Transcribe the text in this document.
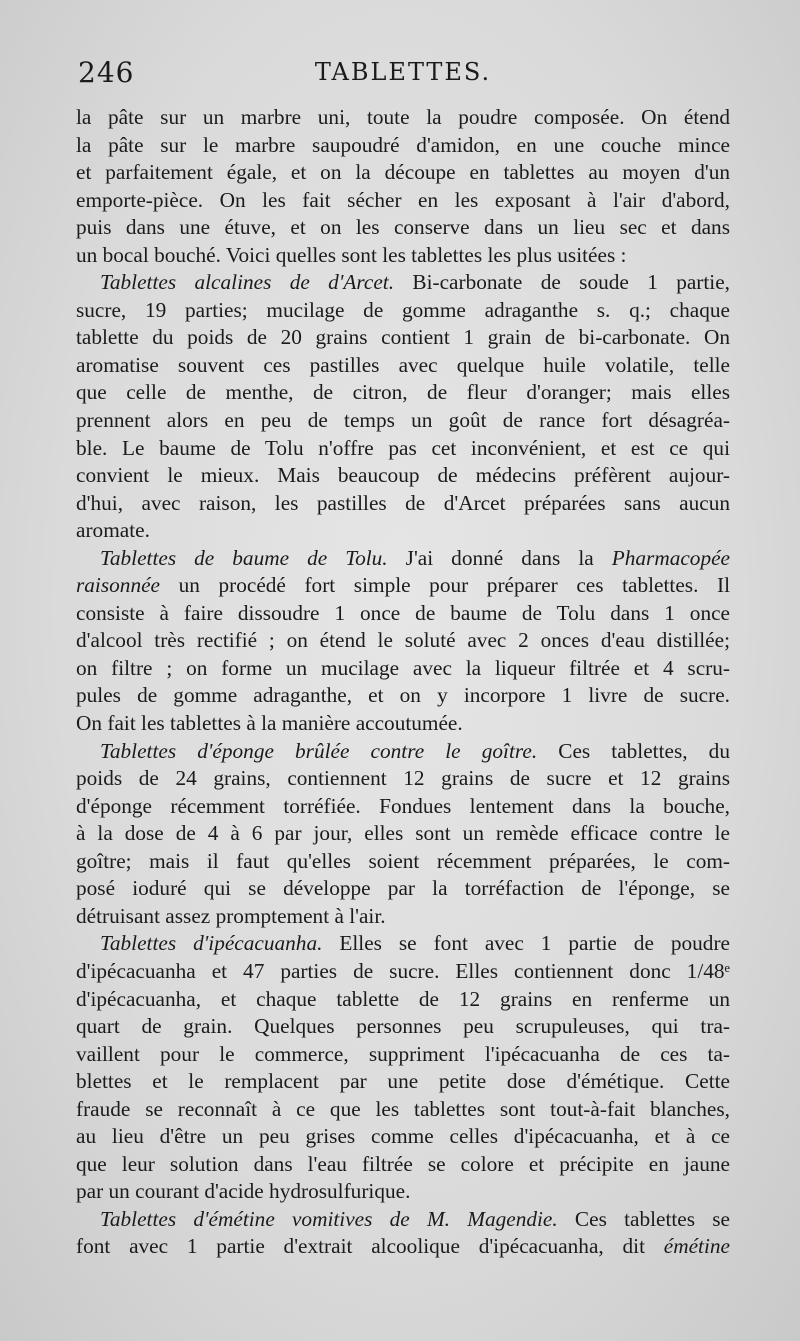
246	TABLETTES.

la pâte sur un marbre uni, toute la poudre composée. On étend

la pâte sur le marbre saupoudré d'amidon, en une couche mince

et parfaitement égale, et on la découpe en tablettes au moyen d'un

emporte-pièce. On les fait sécher en les exposant à l'air d'abord,

puis dans une étuve, et on les conserve dans un lieu sec et dans

un bocal bouché. Voici quelles sont les tablettes les plus usitées :

Tablettes alcalines de d'Arcet. Bi-carbonate de soude 1 partie,

sucre, 19 parties; mucilage de gomme adraganthe s. q.; chaque

tablette du poids de 20 grains contient 1 grain de bi-carbonate. On

aromatise souvent ces pastilles avec quelque huile volatile, telle

que celle de menthe, de citron, de fleur d'oranger; mais elles

prennent alors en peu de temps un goût de rance fort désagréa-

ble. Le baume de Tolu n'offre pas cet inconvénient, et est ce qui

convient le mieux. Mais beaucoup de médecins préfèrent aujour-

d'hui, avec raison, les pastilles de d'Arcet préparées sans aucun

aromate.

Tablettes de baume de Tolu. J'ai donné dans la Pharmacopée

raisonnée un procédé fort simple pour préparer ces tablettes. Il

consiste à faire dissoudre 1 once de baume de Tolu dans 1 once

d'alcool très rectifié ; on étend le soluté avec 2 onces d'eau distillée;

on filtre ; on forme un mucilage avec la liqueur filtrée et 4 scru-

pules de gomme adraganthe, et on y incorpore 1 livre de sucre.

On fait les tablettes à la manière accoutumée.

Tablettes d'éponge brûlée contre le goître. Ces tablettes, du

poids de 24 grains, contiennent 12 grains de sucre et 12 grains

d'éponge récemment torréfiée. Fondues lentement dans la bouche,

à la dose de 4 à 6 par jour, elles sont un remède efficace contre le

goître; mais il faut qu'elles soient récemment préparées, le com-

posé ioduré qui se développe par la torréfaction de l'éponge, se

détruisant assez promptement à l'air.

Tablettes d'ipécacuanha. Elles se font avec 1 partie de poudre

d'ipécacuanha et 47 parties de sucre. Elles contiennent donc 1/48ᵉ

d'ipécacuanha, et chaque tablette de 12 grains en renferme un

quart de grain. Quelques personnes peu scrupuleuses, qui tra-

vaillent pour le commerce, suppriment l'ipécacuanha de ces ta-

blettes et le remplacent par une petite dose d'émétique. Cette

fraude se reconnaît à ce que les tablettes sont tout-à-fait blanches,

au lieu d'être un peu grises comme celles d'ipécacuanha, et à ce

que leur solution dans l'eau filtrée se colore et précipite en jaune

par un courant d'acide hydrosulfurique.

Tablettes d'émétine vomitives de M. Magendie. Ces tablettes se

font avec 1 partie d'extrait alcoolique d'ipécacuanha, dit émétine
